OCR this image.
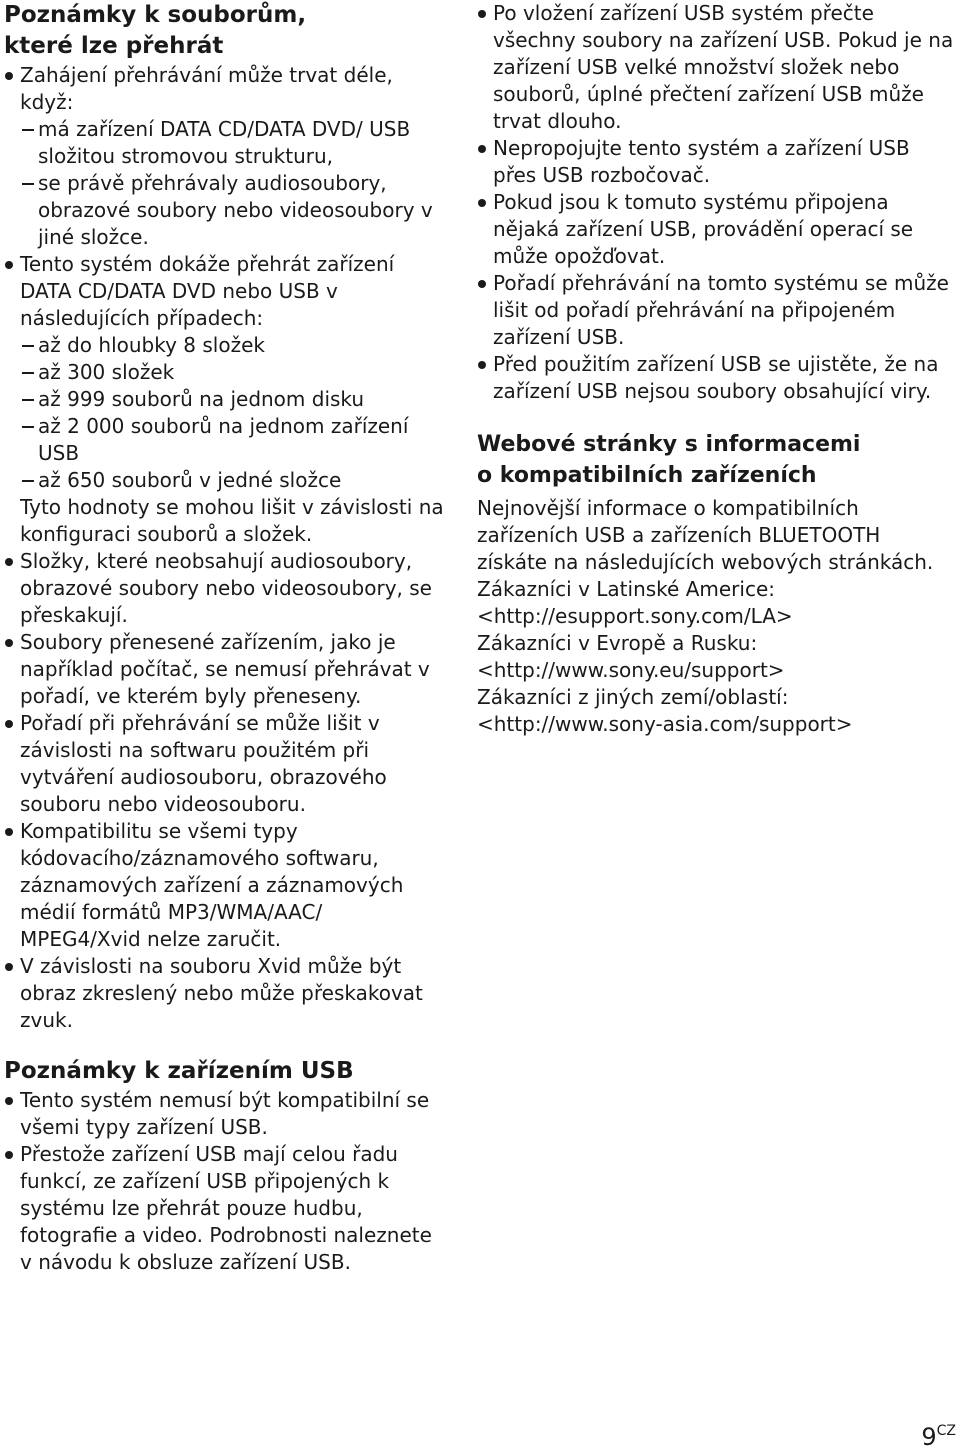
Poznámky k souborům,
které lze přehrát
Zahájení přehrávání může trvat déle, když:
má zařízení DATA CD/DATA DVD/ USB složitou stromovou strukturu,
se právě přehrávaly audiosoubory, obrazové soubory nebo videosoubory v jiné složce.
Tento systém dokáže přehrát zařízení DATA CD/DATA DVD nebo USB v následujících případech:
až do hloubky 8 složek
až 300 složek
až 999 souborů na jednom disku
až 2 000 souborů na jednom zařízení USB
až 650 souborů v jedné složce
Tyto hodnoty se mohou lišit v závislosti na konfiguraci souborů a složek.
Složky, které neobsahují audiosoubory, obrazové soubory nebo videosoubory, se přeskakují.
Soubory přenesené zařízením, jako je například počítač, se nemusí přehrávat v pořadí, ve kterém byly přeneseny.
Pořadí při přehrávání se může lišit v závislosti na softwaru použitém při vytváření audiosouboru, obrazového souboru nebo videosouboru.
Kompatibilitu se všemi typy kódovacího/záznamového softwaru, záznamových zařízení a záznamových médií formátů MP3/WMA/AAC/ MPEG4/Xvid nelze zaručit.
V závislosti na souboru Xvid může být obraz zkreslený nebo může přeskakovat zvuk.
Poznámky k zařízením USB
Tento systém nemusí být kompatibilní se všemi typy zařízení USB.
Přestože zařízení USB mají celou řadu funkcí, ze zařízení USB připojených k systému lze přehrát pouze hudbu, fotografie a video. Podrobnosti naleznete v návodu k obsluze zařízení USB.
Po vložení zařízení USB systém přečte všechny soubory na zařízení USB. Pokud je na zařízení USB velké množství složek nebo souborů, úplné přečtení zařízení USB může trvat dlouho.
Nepropojujte tento systém a zařízení USB přes USB rozbočovač.
Pokud jsou k tomuto systému připojena nějaká zařízení USB, provádění operací se může opožďovat.
Pořadí přehrávání na tomto systému se může lišit od pořadí přehrávání na připojeném zařízení USB.
Před použitím zařízení USB se ujistěte, že na zařízení USB nejsou soubory obsahující viry.
Webové stránky s informacemi
o kompatibilních zařízeních

Nejnovější informace o kompatibilních zařízeních USB a zařízeních BLUETOOTH získáte na následujících webových stránkách.

Zákazníci v Latinské Americe:

<http://esupport.sony.com/LA>

Zákazníci v Evropě a Rusku:

<http://www.sony.eu/support>

Zákazníci z jiných zemí/oblastí:

<http://www.sony-asia.com/support>

$9^{CZ}$
